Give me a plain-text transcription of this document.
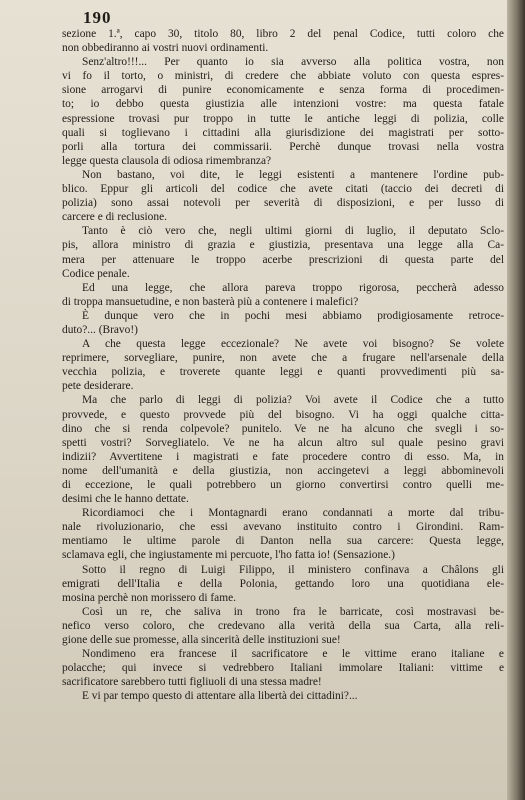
190

sezione 1.ª, capo 30, titolo 80, libro 2 del penal Codice, tutti coloro che
non obbediranno ai vostri nuovi ordinamenti.

Senz'altro!!!... Per quanto io sia avverso alla politica vostra, non
vi fo il torto, o ministri, di credere che abbiate voluto con questa espres-
sione arrogarvi di punire economicamente e senza forma di procedimen-
to; io debbo questa giustizia alle intenzioni vostre: ma questa fatale
espressione trovasi pur troppo in tutte le antiche leggi di polizia, colle
quali si toglievano i cittadini alla giurisdizione dei magistrati per sotto-
porli alla tortura dei commissarii. Perchè dunque trovasi nella vostra
legge questa clausola di odiosa rimembranza?

Non bastano, voi dite, le leggi esistenti a mantenere l'ordine pub-
blico. Eppur gli articoli del codice che avete citati (taccio dei decreti di
polizia) sono assai notevoli per severità di disposizioni, e per lusso di
carcere e di reclusione.

Tanto è ciò vero che, negli ultimi giorni di luglio, il deputato Sclo-
pis, allora ministro di grazia e giustizia, presentava una legge alla Ca-
mera per attenuare le troppo acerbe prescrizioni di questa parte del
Codice penale.

Ed una legge, che allora pareva troppo rigorosa, peccherà adesso
di troppa mansuetudine, e non basterà più a contenere i malefici?

È dunque vero che in pochi mesi abbiamo prodigiosamente retroce-
duto?... (Bravo!)

A che questa legge eccezionale? Ne avete voi bisogno? Se volete
reprimere, sorvegliare, punire, non avete che a frugare nell'arsenale della
vecchia polizia, e troverete quante leggi e quanti provvedimenti più sa-
pete desiderare.

Ma che parlo di leggi di polizia? Voi avete il Codice che a tutto
provvede, e questo provvede più del bisogno. Vi ha oggi qualche citta-
dino che si renda colpevole? punitelo. Ve ne ha alcuno che svegli i so-
spetti vostri? Sorvegliatelo. Ve ne ha alcun altro sul quale pesino gravi
indizii? Avvertitene i magistrati e fate procedere contro di esso. Ma, in
nome dell'umanità e della giustizia, non accingetevi a leggi abbominevoli
di eccezione, le quali potrebbero un giorno convertirsi contro quelli me-
desimi che le hanno dettate.

Ricordiamoci che i Montagnardi erano condannati a morte dal tribu-
nale rivoluzionario, che essi avevano instituito contro i Girondini. Ram-
mentiamo le ultime parole di Danton nella sua carcere: Questa legge,
sclamava egli, che ingiustamente mi percuote, l'ho fatta io! (Sensazione.)

Sotto il regno di Luigi Filippo, il ministero confinava a Châlons gli
emigrati dell'Italia e della Polonia, gettando loro una quotidiana ele-
mosina perchè non morissero di fame.

Così un re, che saliva in trono fra le barricate, così mostravasi be-
nefico verso coloro, che credevano alla verità della sua Carta, alla reli-
gione delle sue promesse, alla sincerità delle instituzioni sue!

Nondimeno era francese il sacrificatore e le vittime erano italiane e
polacche; qui invece si vedrebbero Italiani immolare Italiani: vittime e
sacrificatore sarebbero tutti figliuoli di una stessa madre!

E vi par tempo questo di attentare alla libertà dei cittadini?...
